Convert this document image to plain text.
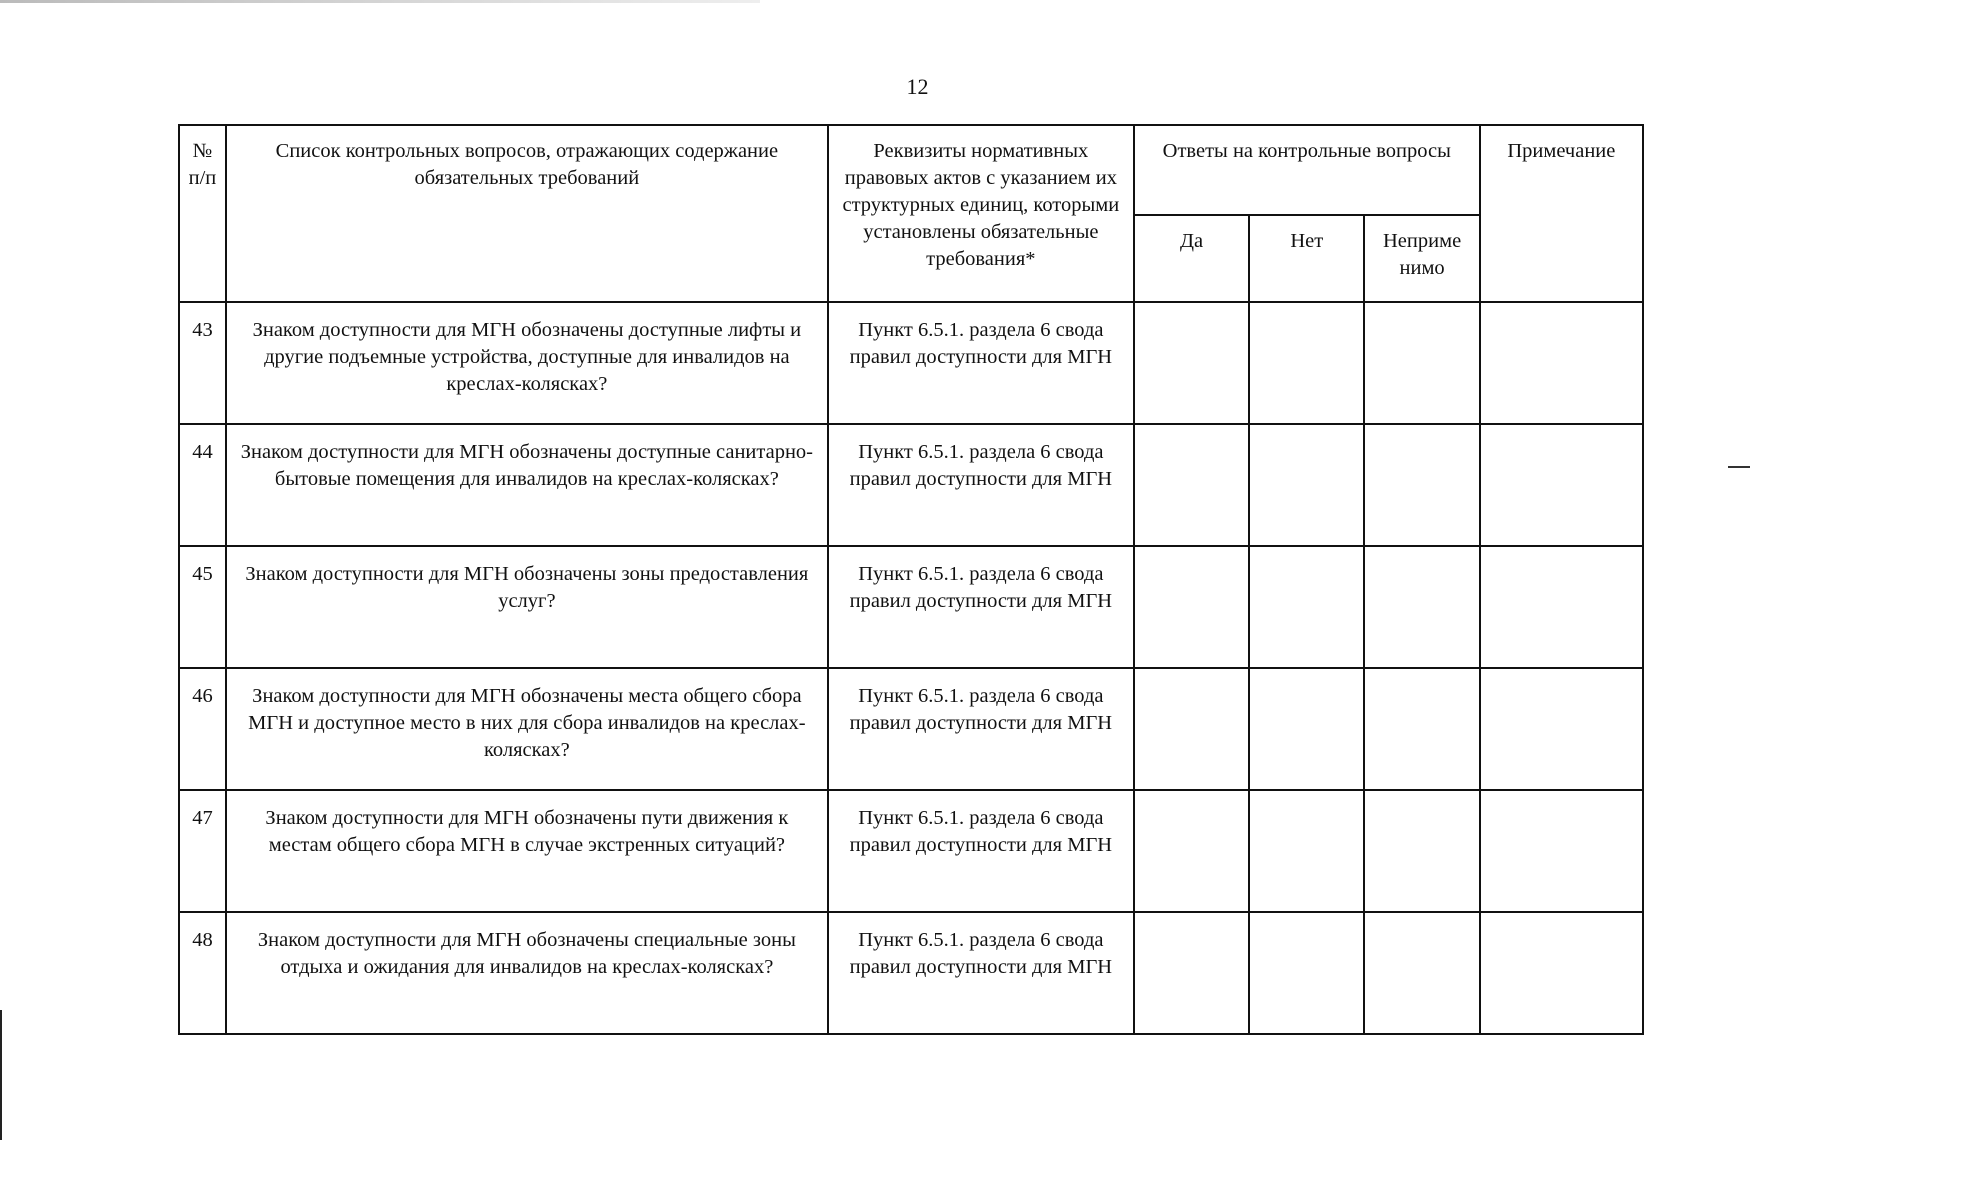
12
№ п/п	Список контрольных вопросов, отражающих содержание обязательных требований	Реквизиты нормативных правовых актов с указанием их структурных единиц, которыми установлены обязательные требования*	Ответы на контрольные вопросы			Примечание
			Да	Нет	Неприме нимо	
43	Знаком доступности для МГН обозначены доступные лифты и другие подъемные устройства, доступные для инвалидов на креслах-колясках?	Пункт 6.5.1. раздела 6 свода правил доступности для МГН				
44	Знаком доступности для МГН обозначены доступные санитарно-бытовые помещения для инвалидов на креслах-колясках?	Пункт 6.5.1. раздела 6 свода правил доступности для МГН				
45	Знаком доступности для МГН обозначены зоны предоставления услуг?	Пункт 6.5.1. раздела 6 свода правил доступности для МГН				
46	Знаком доступности для МГН обозначены места общего сбора МГН и доступное место в них для сбора инвалидов на креслах-колясках?	Пункт 6.5.1. раздела 6 свода правил доступности для МГН				
47	Знаком доступности для МГН обозначены пути движения к местам общего сбора МГН в случае экстренных ситуаций?	Пункт 6.5.1. раздела 6 свода правил доступности для МГН				
48	Знаком доступности для МГН обозначены специальные зоны отдыха и ожидания для инвалидов на креслах-колясках?	Пункт 6.5.1. раздела 6 свода правил доступности для МГН				
